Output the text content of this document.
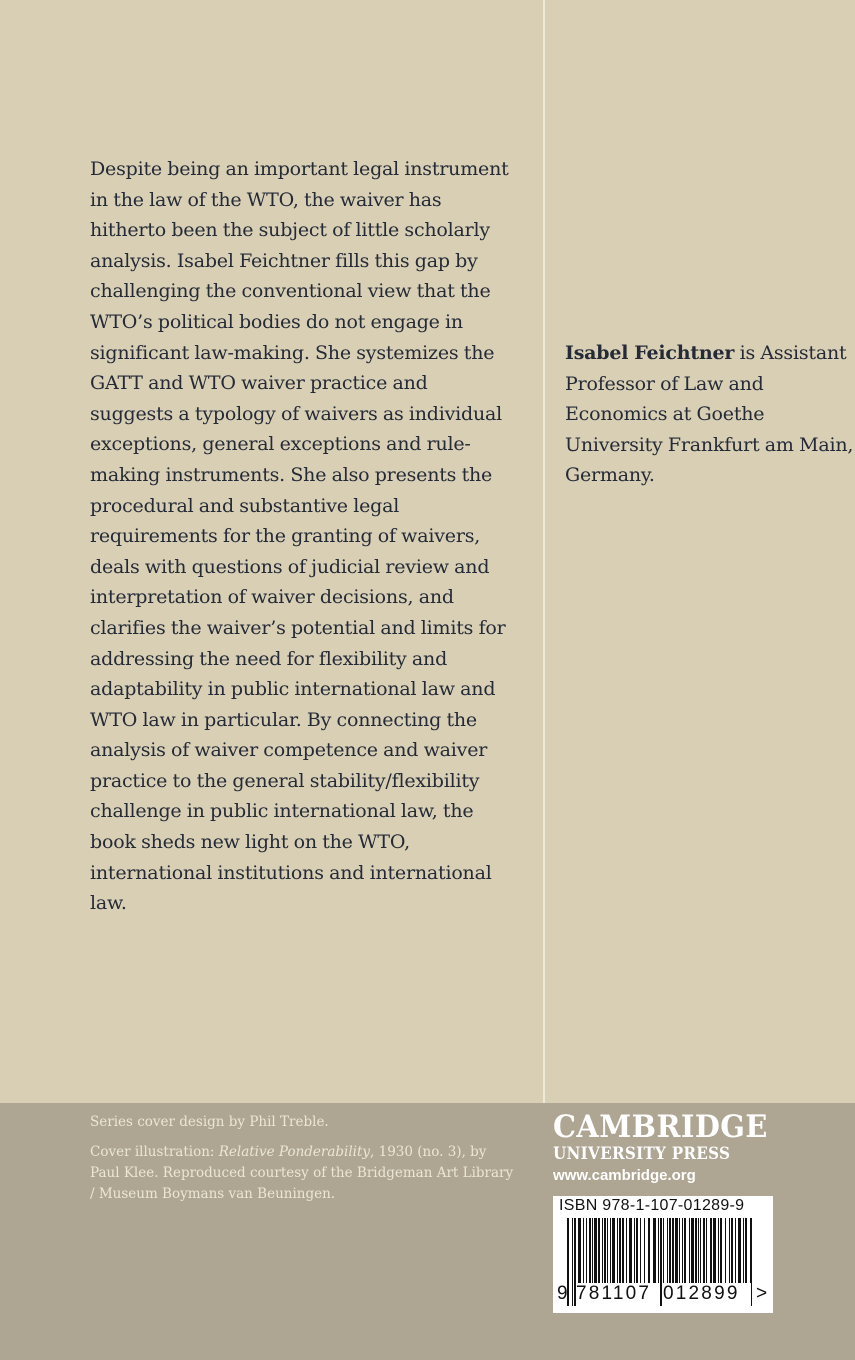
Despite being an important legal instrument in the law of the WTO, the waiver has hitherto been the subject of little scholarly analysis. Isabel Feichtner fills this gap by challenging the conventional view that the WTO’s political bodies do not engage in significant law-making. She systemizes the GATT and WTO waiver practice and suggests a typology of waivers as individual exceptions, general exceptions and rule-making instruments. She also presents the procedural and substantive legal requirements for the granting of waivers, deals with questions of judicial review and interpretation of waiver decisions, and clarifies the waiver’s potential and limits for addressing the need for flexibility and adaptability in public international law and WTO law in particular. By connecting the analysis of waiver competence and waiver practice to the general stability/flexibility challenge in public international law, the book sheds new light on the WTO, international institutions and international law.
Isabel Feichtner is Assistant Professor of Law and Economics at Goethe University Frankfurt am Main, Germany.
Series cover design by Phil Treble.
Cover illustration: Relative Ponderability, 1930 (no. 3), by Paul Klee. Reproduced courtesy of the Bridgeman Art Library / Museum Boymans van Beuningen.
CAMBRIDGE
UNIVERSITY PRESS
www.cambridge.org
ISBN 978-1-107-01289-9
9 781107 012899 >
